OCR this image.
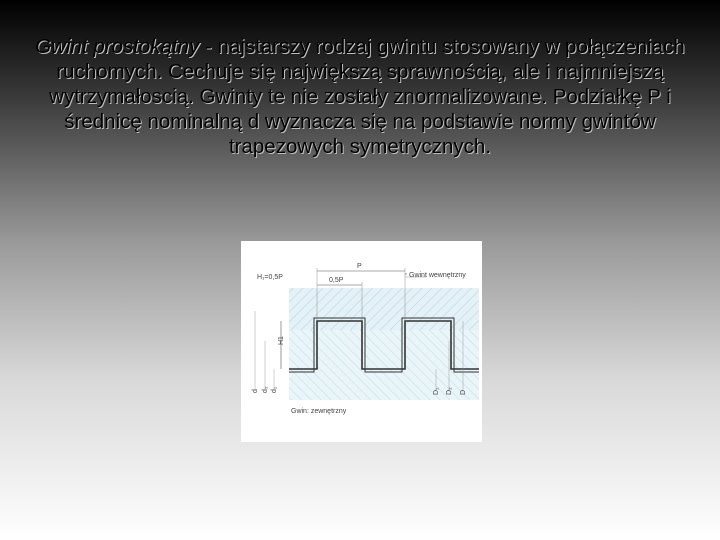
Gwint prostokątny - najstarszy rodzaj gwintu stosowany w połączeniach ruchomych. Cechuje się największą sprawnością, ale i najmniejszą wytrzymałoscią. Gwinty te nie zostały znormalizowane. Podziałkę P i średnicę nominalną d wyznacza się na podstawie normy gwintów trapezowych symetrycznych.
H₁=0,5P
P
0,5P
Gwint wewnętrzny
Gwin: zewnętrzny
H1
d d₂ d₁	D₁ D₂ D
